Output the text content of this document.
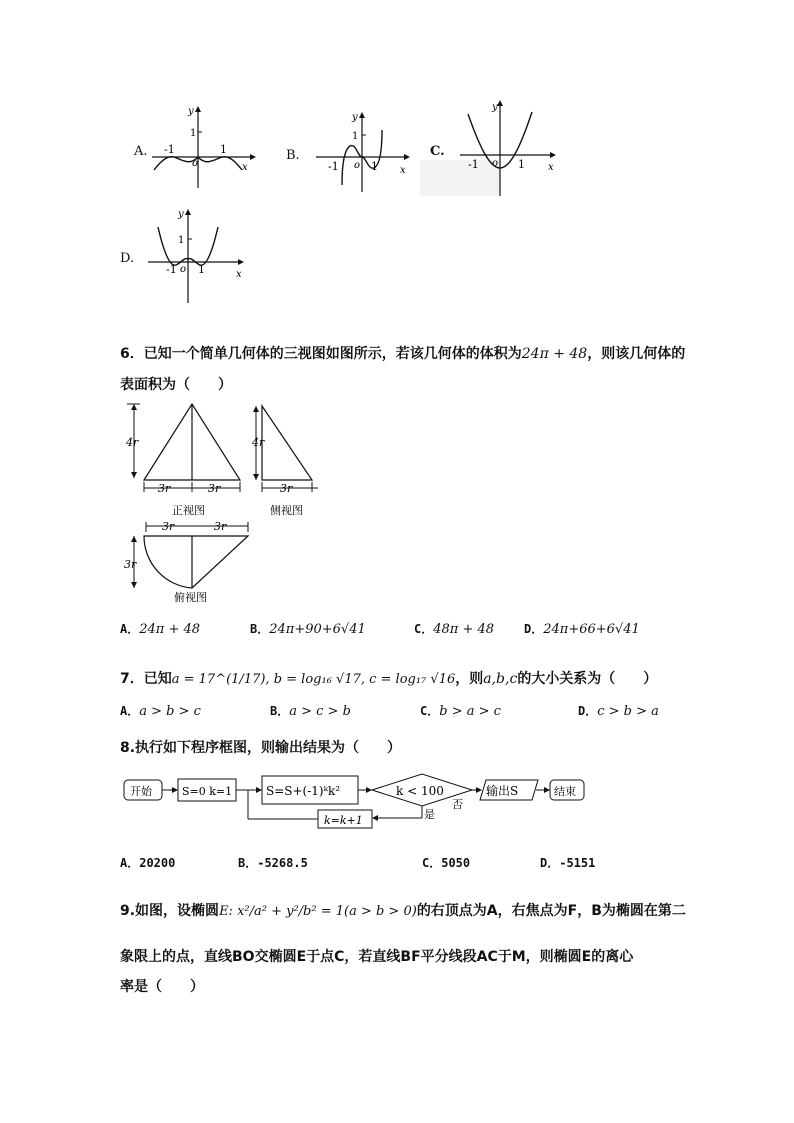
A.
y
1
-1
o
1
x
B.
y
1
-1 o 1 x
C.
y
-1 o 1 x
D.
y
1
-1 o 1	x
6．已知一个简单几何体的三视图如图所示，若该几何体的体积为24π + 48，则该几何体的
表面积为（　　）
4r
3r	3r
正视图
4r
3r
侧视图
3r	3r
3r
俯视图
A．24π + 48	B．24π+90+6√41	C．48π + 48 D．24π+66+6√41
7．已知a = 17^(1/17), b = log₁₆ √17, c = log₁₇ √16，则a,b,c的大小关系为（　　）
A．a > b > c	B．a > c > b	C．b > a > c	D．c > b > a
8.执行如下程序框图，则输出结果为（　　）
开始	S=0 k=1	S=S+(-1)ᵏk²	k < 100
否
输出S	结束
是
k=k+1
A．20200	B．-5268.5	C．5050	D．-5151
9.如图，设椭圆E: x²/a² + y²/b² = 1(a > b > 0)的右顶点为A，右焦点为F，B为椭圆在第二
象限上的点，直线BO交椭圆E于点C，若直线BF平分线段AC于M，则椭圆E的离心
率是（　　）
